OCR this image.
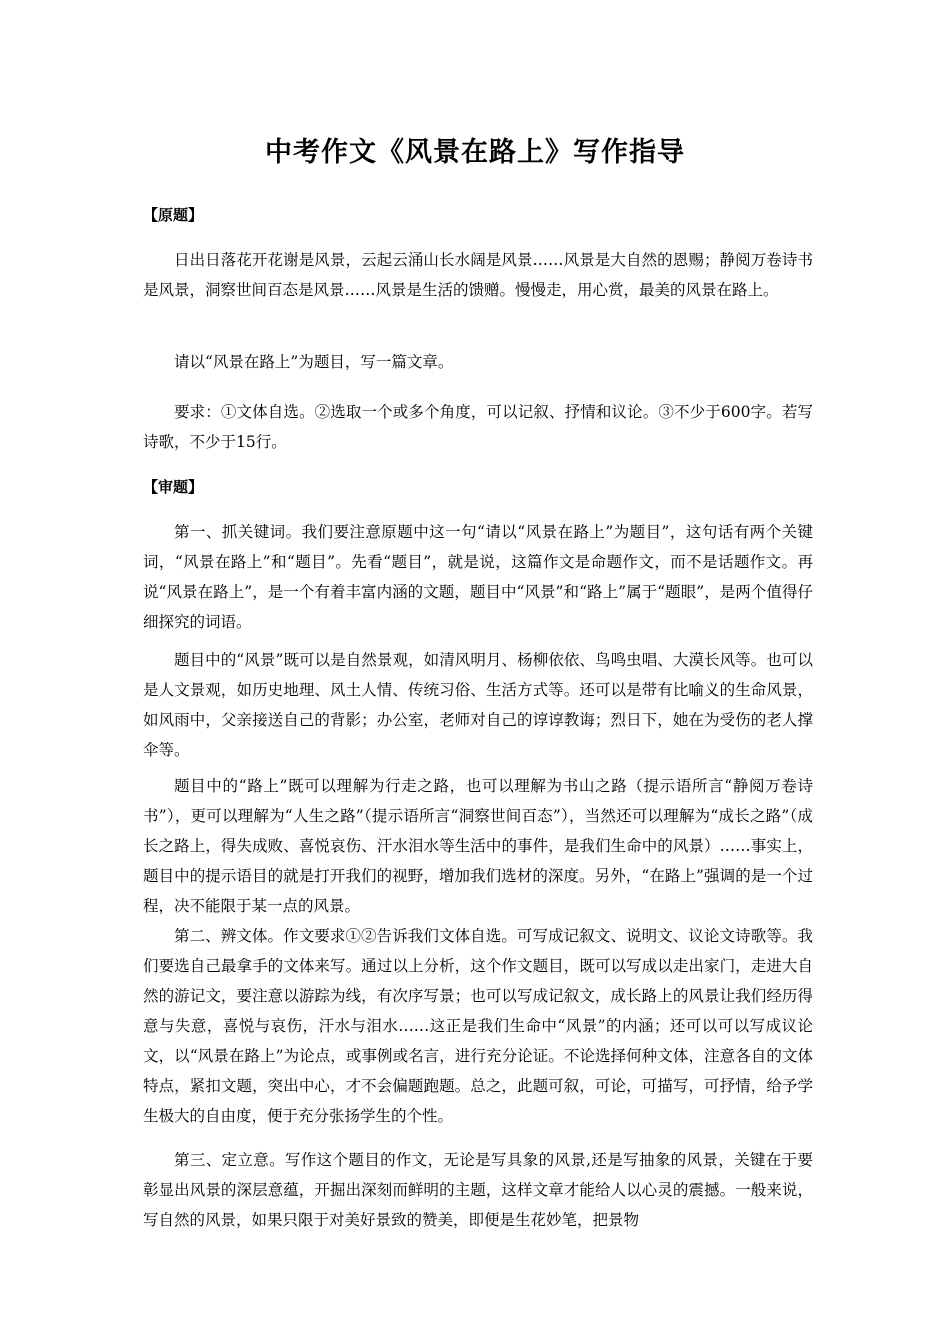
中考作文《风景在路上》写作指导
【原题】

日出日落花开花谢是风景，云起云涌山长水阔是风景……风景是大自然的恩赐；静阅万卷诗书是风景，洞察世间百态是风景……风景是生活的馈赠。慢慢走，用心赏，最美的风景在路上。

请以“风景在路上”为题目，写一篇文章。

要求：①文体自选。②选取一个或多个角度，可以记叙、抒情和议论。③不少于600字。若写诗歌，不少于15行。

【审题】

第一、抓关键词。我们要注意原题中这一句“请以“风景在路上”为题目”，这句话有两个关键词，“风景在路上”和“题目”。先看“题目”，就是说，这篇作文是命题作文，而不是话题作文。再说“风景在路上”，是一个有着丰富内涵的文题，题目中“风景”和“路上”属于“题眼”，是两个值得仔细探究的词语。

题目中的“风景”既可以是自然景观，如清风明月、杨柳依依、鸟鸣虫唱、大漠长风等。也可以是人文景观，如历史地理、风土人情、传统习俗、生活方式等。还可以是带有比喻义的生命风景，如风雨中，父亲接送自己的背影；办公室，老师对自己的谆谆教诲；烈日下，她在为受伤的老人撑伞等。

题目中的“路上”既可以理解为行走之路，也可以理解为书山之路（提示语所言“静阅万卷诗书”），更可以理解为“人生之路”（提示语所言“洞察世间百态”），当然还可以理解为“成长之路”（成长之路上，得失成败、喜悦哀伤、汗水泪水等生活中的事件，是我们生命中的风景）……事实上，题目中的提示语目的就是打开我们的视野，增加我们选材的深度。另外，“在路上”强调的是一个过程，决不能限于某一点的风景。

第二、辨文体。作文要求①②告诉我们文体自选。可写成记叙文、说明文、议论文诗歌等。我们要选自己最拿手的文体来写。通过以上分析，这个作文题目，既可以写成以走出家门，走进大自然的游记文，要注意以游踪为线，有次序写景；也可以写成记叙文，成长路上的风景让我们经历得意与失意，喜悦与哀伤，汗水与泪水……这正是我们生命中“风景”的内涵；还可以可以写成议论文，以“风景在路上”为论点，或事例或名言，进行充分论证。不论选择何种文体，注意各自的文体特点，紧扣文题，突出中心，才不会偏题跑题。总之，此题可叙，可论，可描写，可抒情，给予学生极大的自由度，便于充分张扬学生的个性。

第三、定立意。写作这个题目的作文，无论是写具象的风景,还是写抽象的风景，关键在于要彰显出风景的深层意蕴，开掘出深刻而鲜明的主题，这样文章才能给人以心灵的震撼。一般来说，写自然的风景，如果只限于对美好景致的赞美，即便是生花妙笔，把景物
